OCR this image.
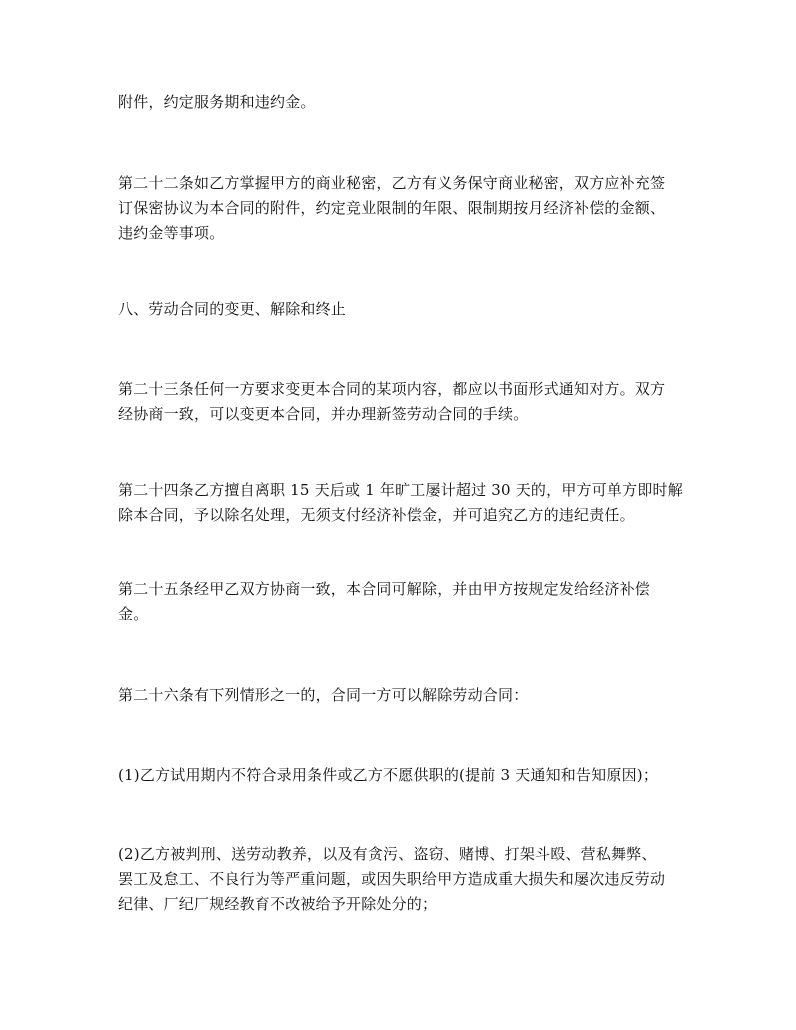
附件，约定服务期和违约金。

第二十二条如乙方掌握甲方的商业秘密，乙方有义务保守商业秘密，双方应补充签
订保密协议为本合同的附件，约定竞业限制的年限、限制期按月经济补偿的金额、
违约金等事项。

八、劳动合同的变更、解除和终止

第二十三条任何一方要求变更本合同的某项内容，都应以书面形式通知对方。双方
经协商一致，可以变更本合同，并办理新签劳动合同的手续。

第二十四条乙方擅自离职 15 天后或 1 年旷工屡计超过 30 天的，甲方可单方即时解
除本合同，予以除名处理，无须支付经济补偿金，并可追究乙方的违纪责任。

第二十五条经甲乙双方协商一致，本合同可解除，并由甲方按规定发给经济补偿
金。

第二十六条有下列情形之一的，合同一方可以解除劳动合同：

(1)乙方试用期内不符合录用条件或乙方不愿供职的(提前 3 天通知和告知原因)；

(2)乙方被判刑、送劳动教养，以及有贪污、盗窃、赌博、打架斗殴、营私舞弊、
罢工及怠工、不良行为等严重问题，或因失职给甲方造成重大损失和屡次违反劳动
纪律、厂纪厂规经教育不改被给予开除处分的；
